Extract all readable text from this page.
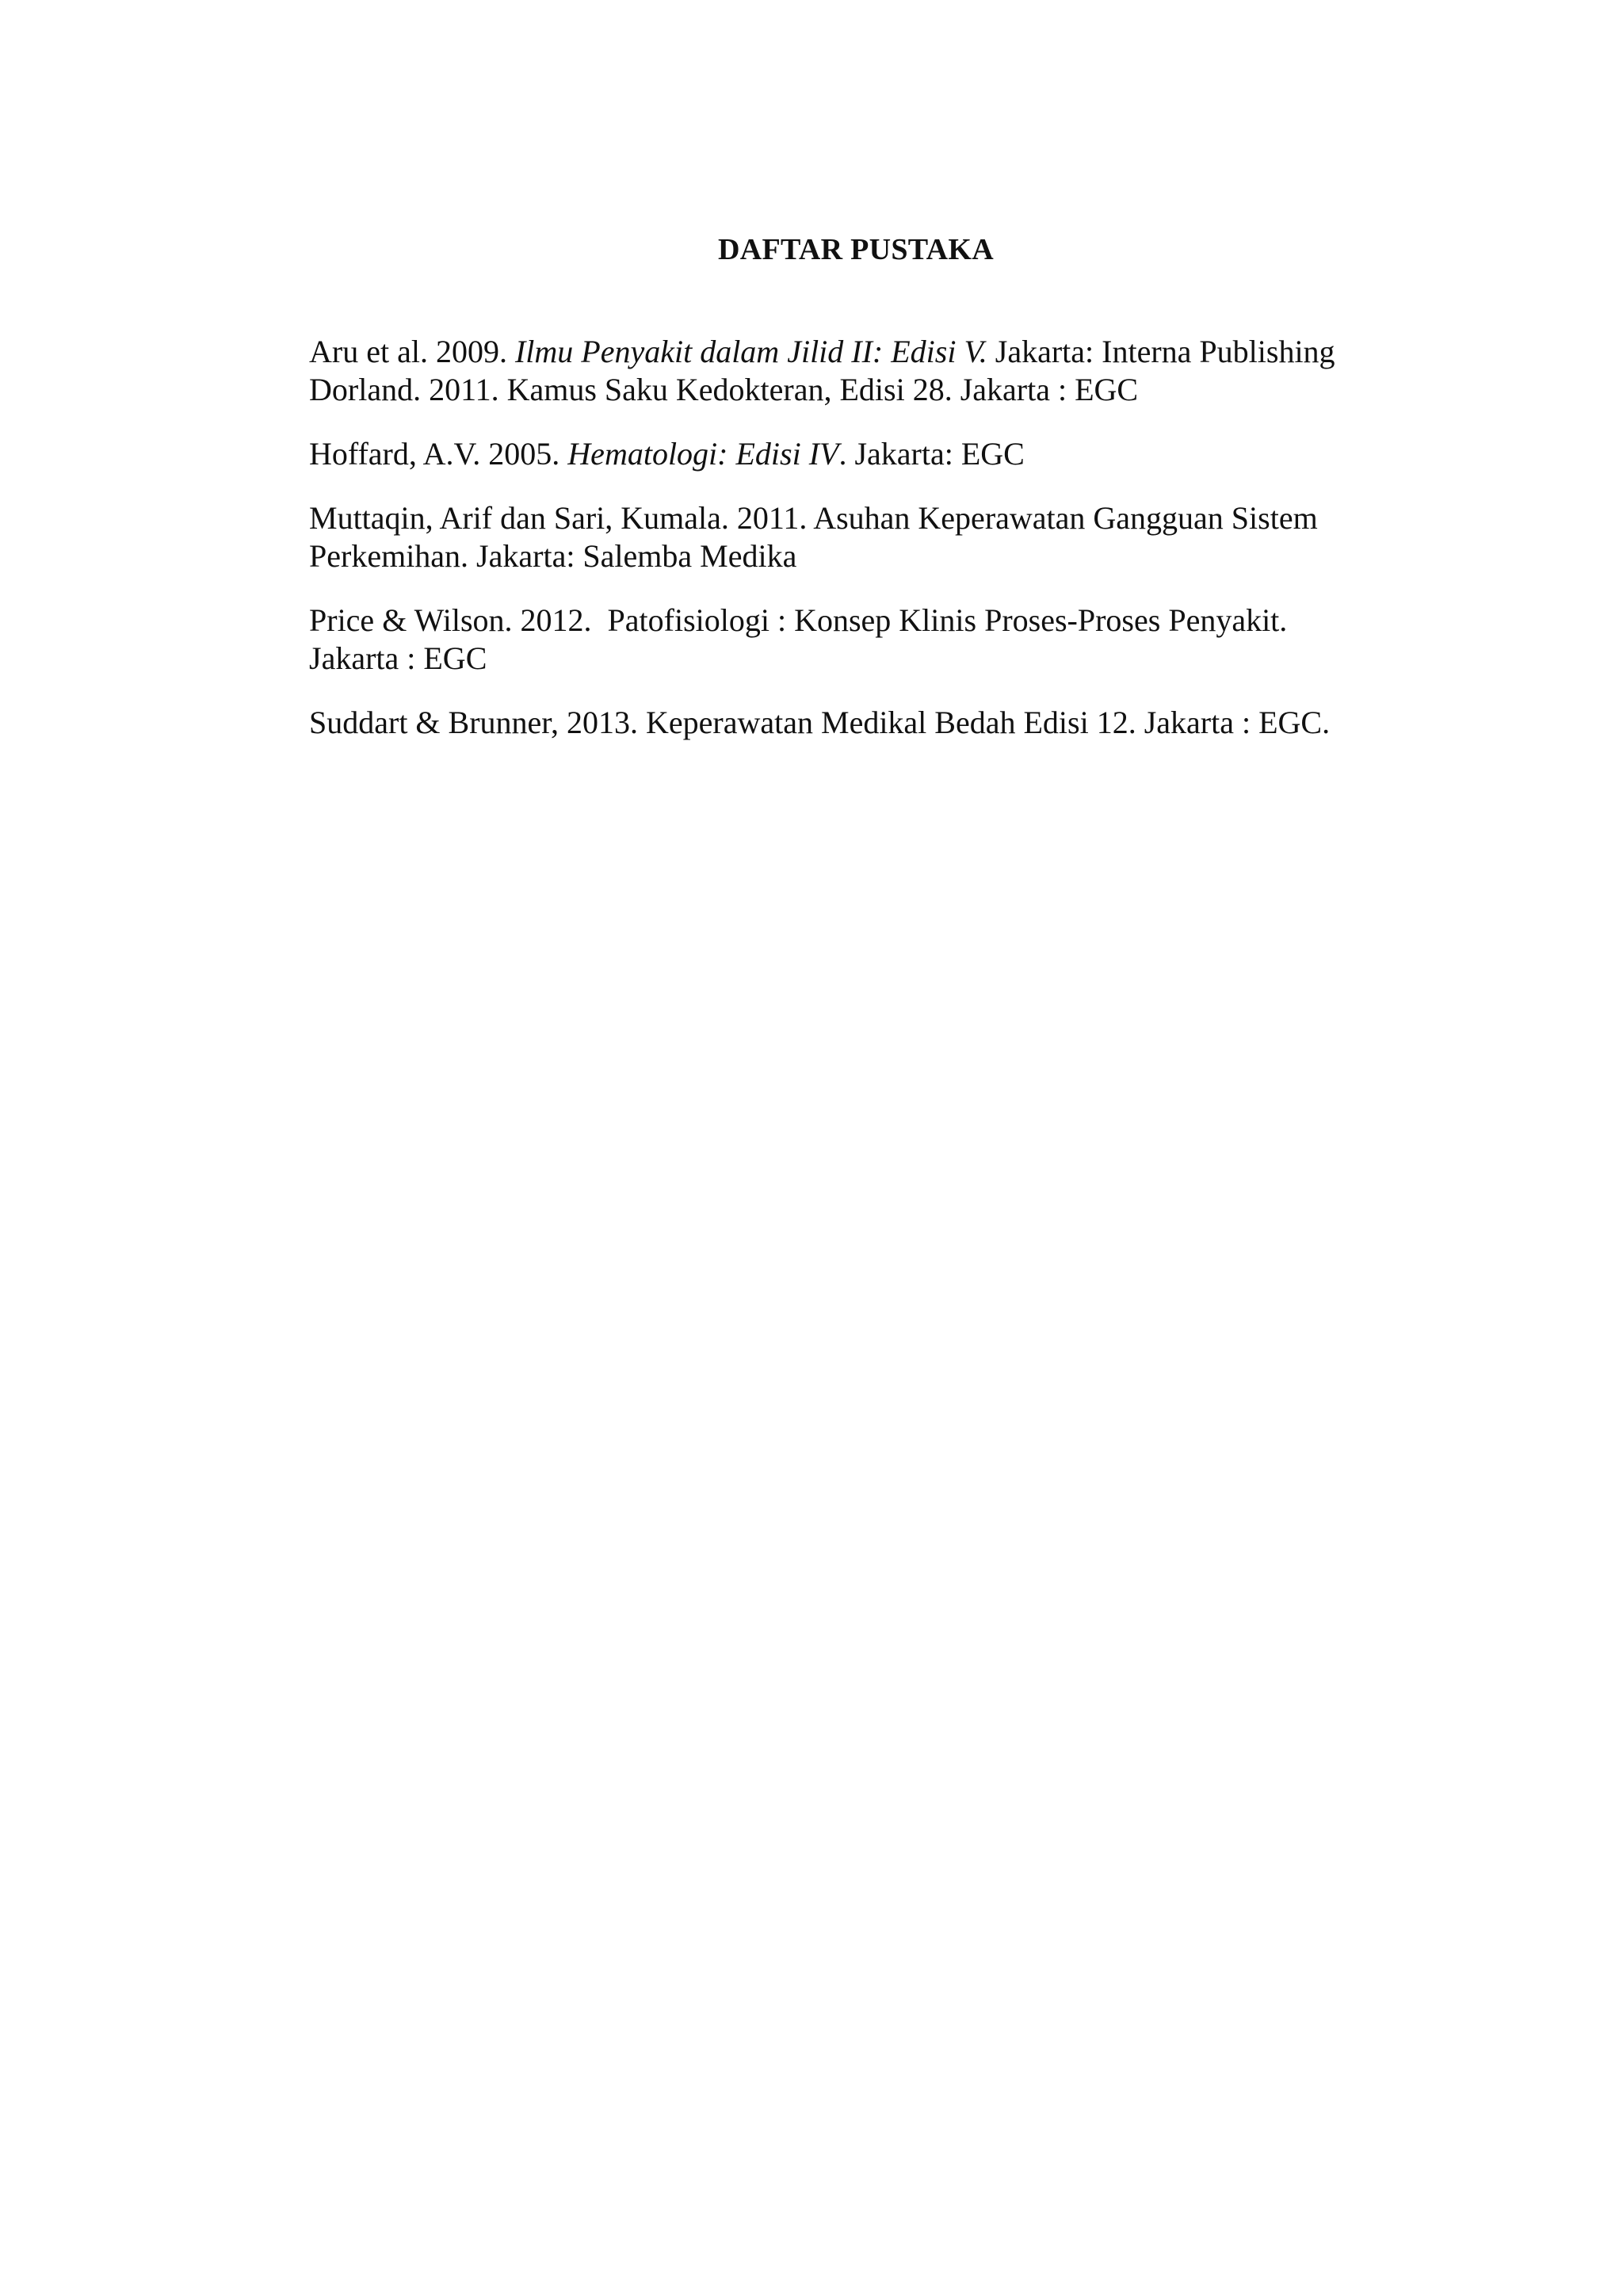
DAFTAR PUSTAKA

Aru et al. 2009. Ilmu Penyakit dalam Jilid II: Edisi V. Jakarta: Interna Publishing

Dorland. 2011. Kamus Saku Kedokteran, Edisi 28. Jakarta : EGC

Hoffard, A.V. 2005. Hematologi: Edisi IV. Jakarta: EGC

Muttaqin, Arif dan Sari, Kumala. 2011. Asuhan Keperawatan Gangguan Sistem
Perkemihan. Jakarta: Salemba Medika

Price & Wilson. 2012.  Patofisiologi : Konsep Klinis Proses-Proses Penyakit.
Jakarta : EGC

Suddart & Brunner, 2013. Keperawatan Medikal Bedah Edisi 12. Jakarta : EGC.
